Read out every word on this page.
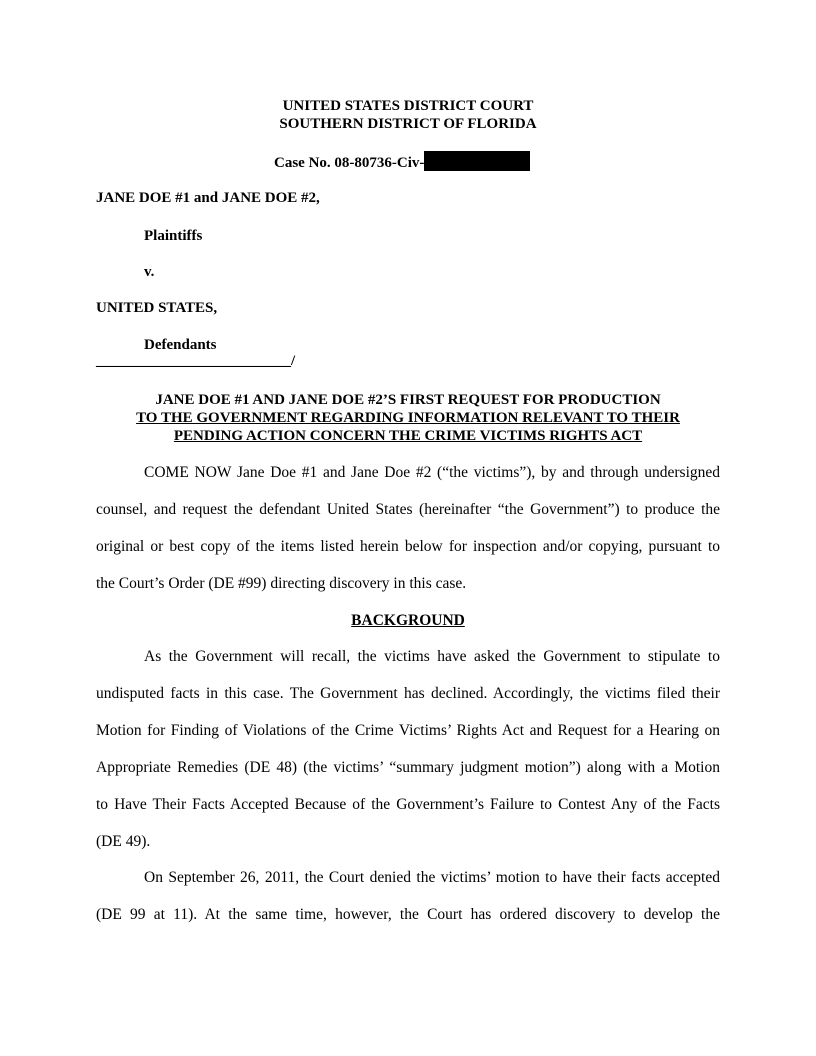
UNITED STATES DISTRICT COURT
SOUTHERN DISTRICT OF FLORIDA
Case No. 08-80736-Civ-
JANE DOE #1 and JANE DOE #2,
Plaintiffs
v.
UNITED STATES,
Defendants
__________________________/
JANE DOE #1 AND JANE DOE #2’S FIRST REQUEST FOR PRODUCTION
TO THE GOVERNMENT REGARDING INFORMATION RELEVANT TO THEIR
PENDING ACTION CONCERN THE CRIME VICTIMS RIGHTS ACT
COME NOW Jane Doe #1 and Jane Doe #2 (“the victims”), by and through undersigned
counsel, and request the defendant United States (hereinafter “the Government”) to produce the
original or best copy of the items listed herein below for inspection and/or copying, pursuant to
the Court’s Order (DE #99) directing discovery in this case.
BACKGROUND
As the Government will recall, the victims have asked the Government to stipulate to
undisputed facts in this case. The Government has declined. Accordingly, the victims filed their
Motion for Finding of Violations of the Crime Victims’ Rights Act and Request for a Hearing on
Appropriate Remedies (DE 48) (the victims’ “summary judgment motion”) along with a Motion
to Have Their Facts Accepted Because of the Government’s Failure to Contest Any of the Facts
(DE 49).
On September 26, 2011, the Court denied the victims’ motion to have their facts accepted
(DE 99 at 11). At the same time, however, the Court has ordered discovery to develop the
